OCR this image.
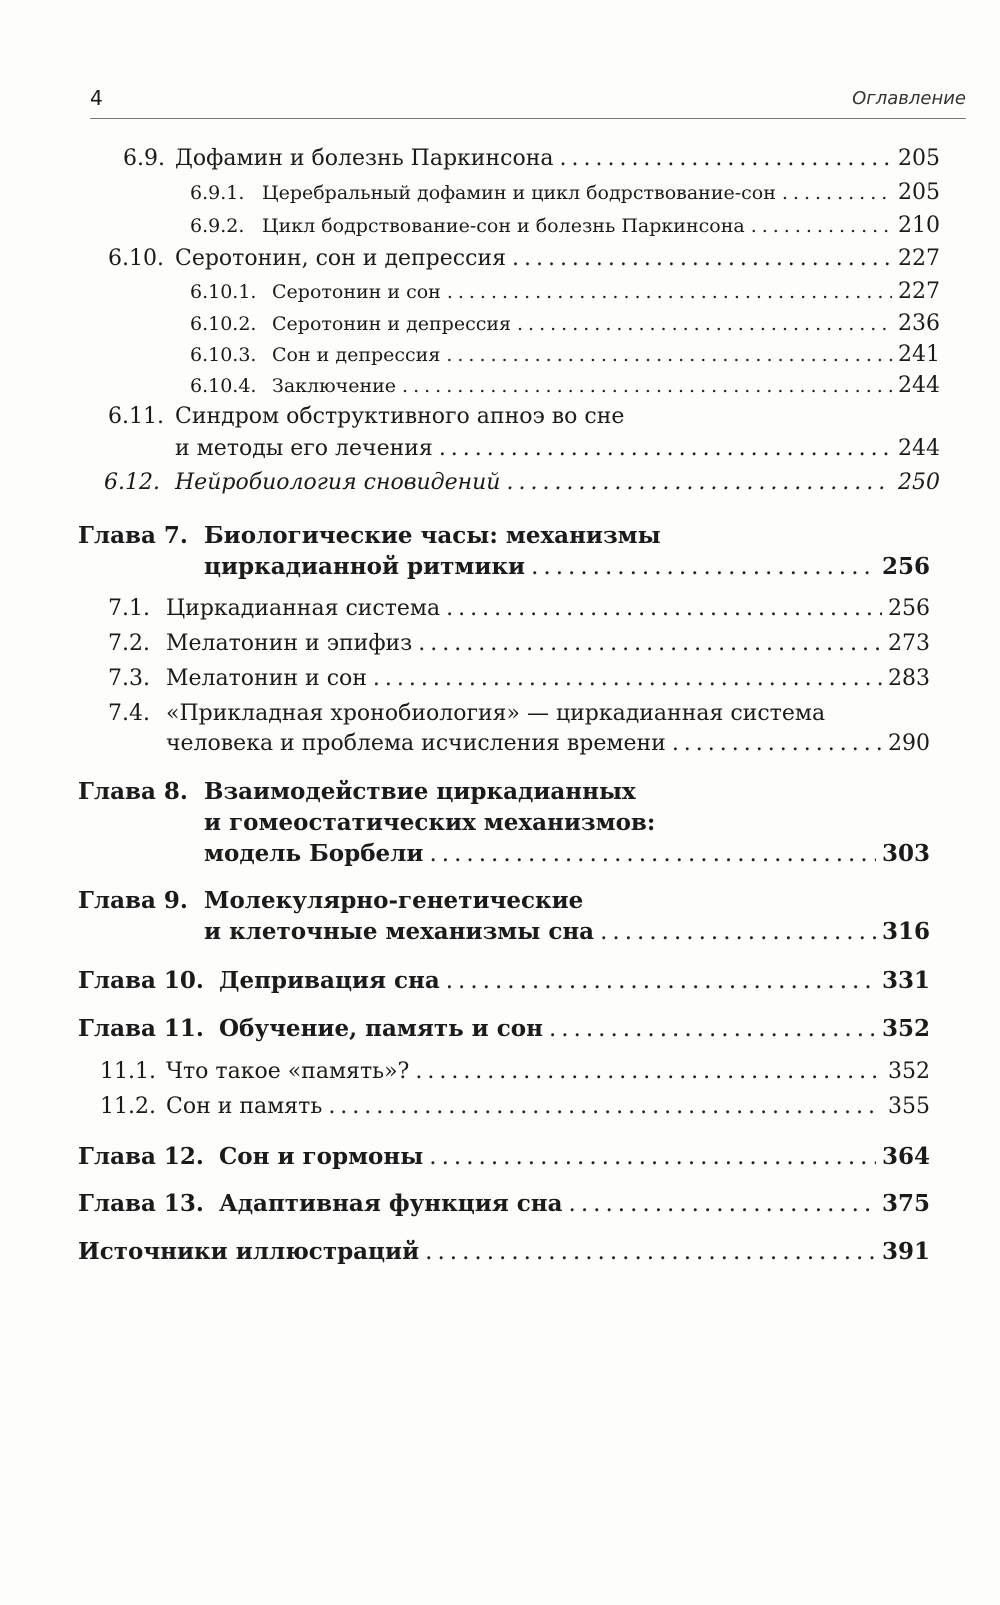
4	Оглавление
6.9. Дофамин и болезнь Паркинсона .....	205
6.9.1. Церебральный дофамин и цикл бодрствование-сон .....	205
6.9.2. Цикл бодрствование-сон и болезнь Паркинсона .....	210
6.10. Серотонин, сон и депрессия .....	227
6.10.1. Серотонин и сон .....	227
6.10.2. Серотонин и депрессия .....	236
6.10.3. Сон и депрессия .....	241
6.10.4. Заключение .....	244
6.11. Синдром обструктивного апноэ во сне
и методы его лечения .....	244
6.12. Нейробиология сновидений .....	250
Глава 7. Биологические часы: механизмы
циркадианной ритмики .....	256
7.1. Циркадианная система .....	256
7.2. Мелатонин и эпифиз .....	273
7.3. Мелатонин и сон .....	283
7.4. «Прикладная хронобиология» — циркадианная система
человека и проблема исчисления времени .....	290
Глава 8. Взаимодействие циркадианных
и гомеостатических механизмов:
модель Борбели .....	303
Глава 9. Молекулярно-генетические
и клеточные механизмы сна .....	316
Глава 10. Депривация сна .....	331
Глава 11. Обучение, память и сон .....	352
11.1. Что такое «память»? .....	352
11.2. Сон и память .....	355
Глава 12. Сон и гормоны .....	364
Глава 13. Адаптивная функция сна .....	375
Источники иллюстраций .....	391
